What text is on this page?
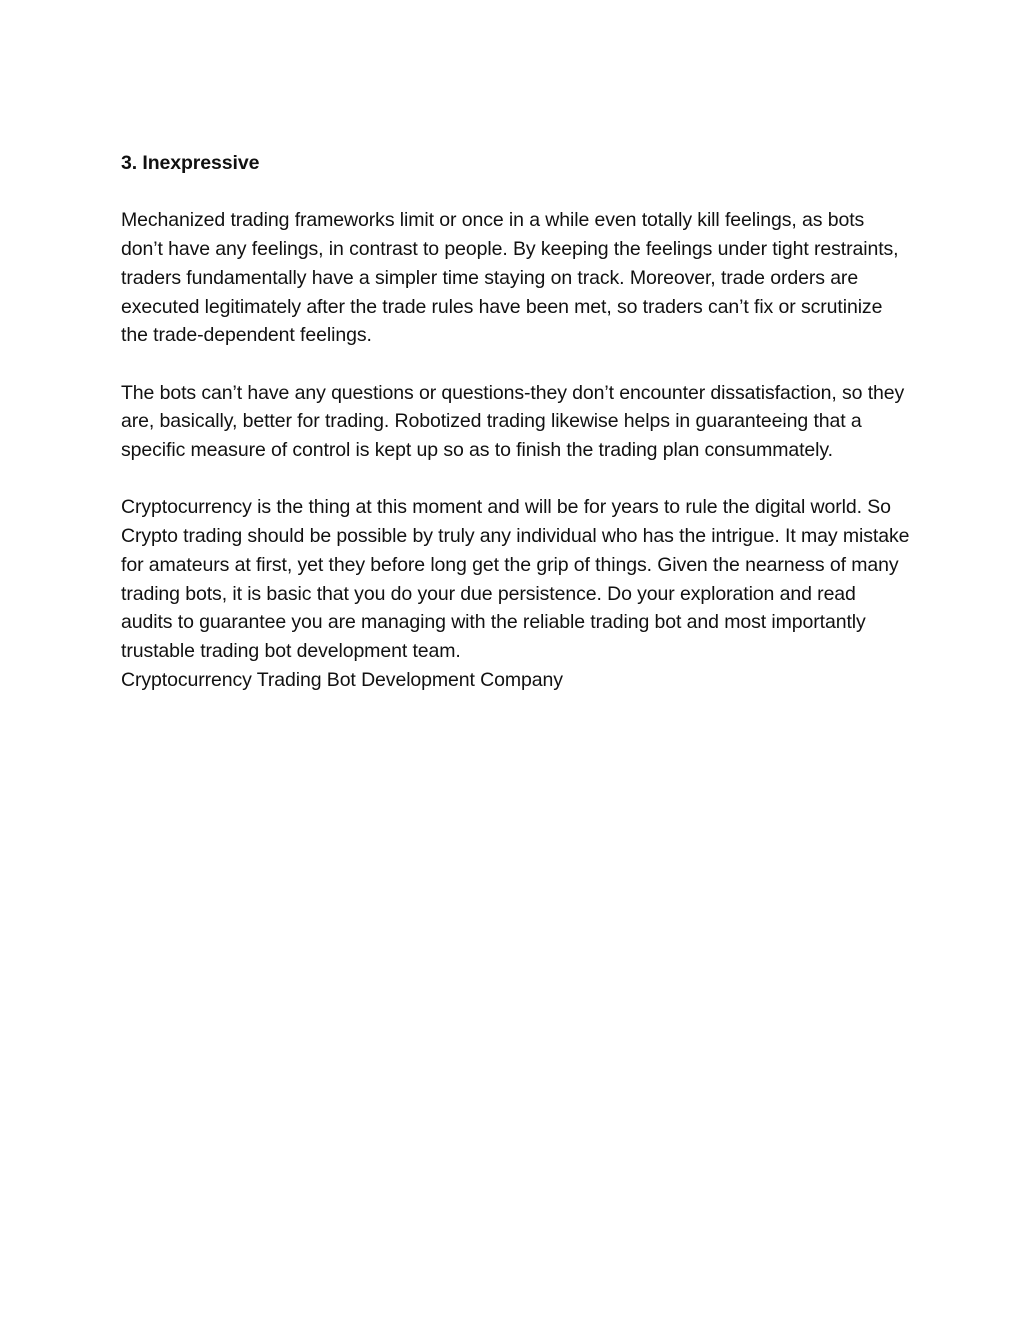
3. Inexpressive

Mechanized trading frameworks limit or once in a while even totally kill feelings, as bots don’t have any feelings, in contrast to people. By keeping the feelings under tight restraints, traders fundamentally have a simpler time staying on track. Moreover, trade orders are executed legitimately after the trade rules have been met, so traders can’t fix or scrutinize the trade-dependent feelings.

The bots can’t have any questions or questions-they don’t encounter dissatisfaction, so they are, basically, better for trading. Robotized trading likewise helps in guaranteeing that a specific measure of control is kept up so as to finish the trading plan consummately.

Cryptocurrency is the thing at this moment and will be for years to rule the digital world. So Crypto trading should be possible by truly any individual who has the intrigue. It may mistake for amateurs at first, yet they before long get the grip of things. Given the nearness of many trading bots, it is basic that you do your due persistence. Do your exploration and read audits to guarantee you are managing with the reliable trading bot and most importantly trustable trading bot development team.

Cryptocurrency Trading Bot Development Company
